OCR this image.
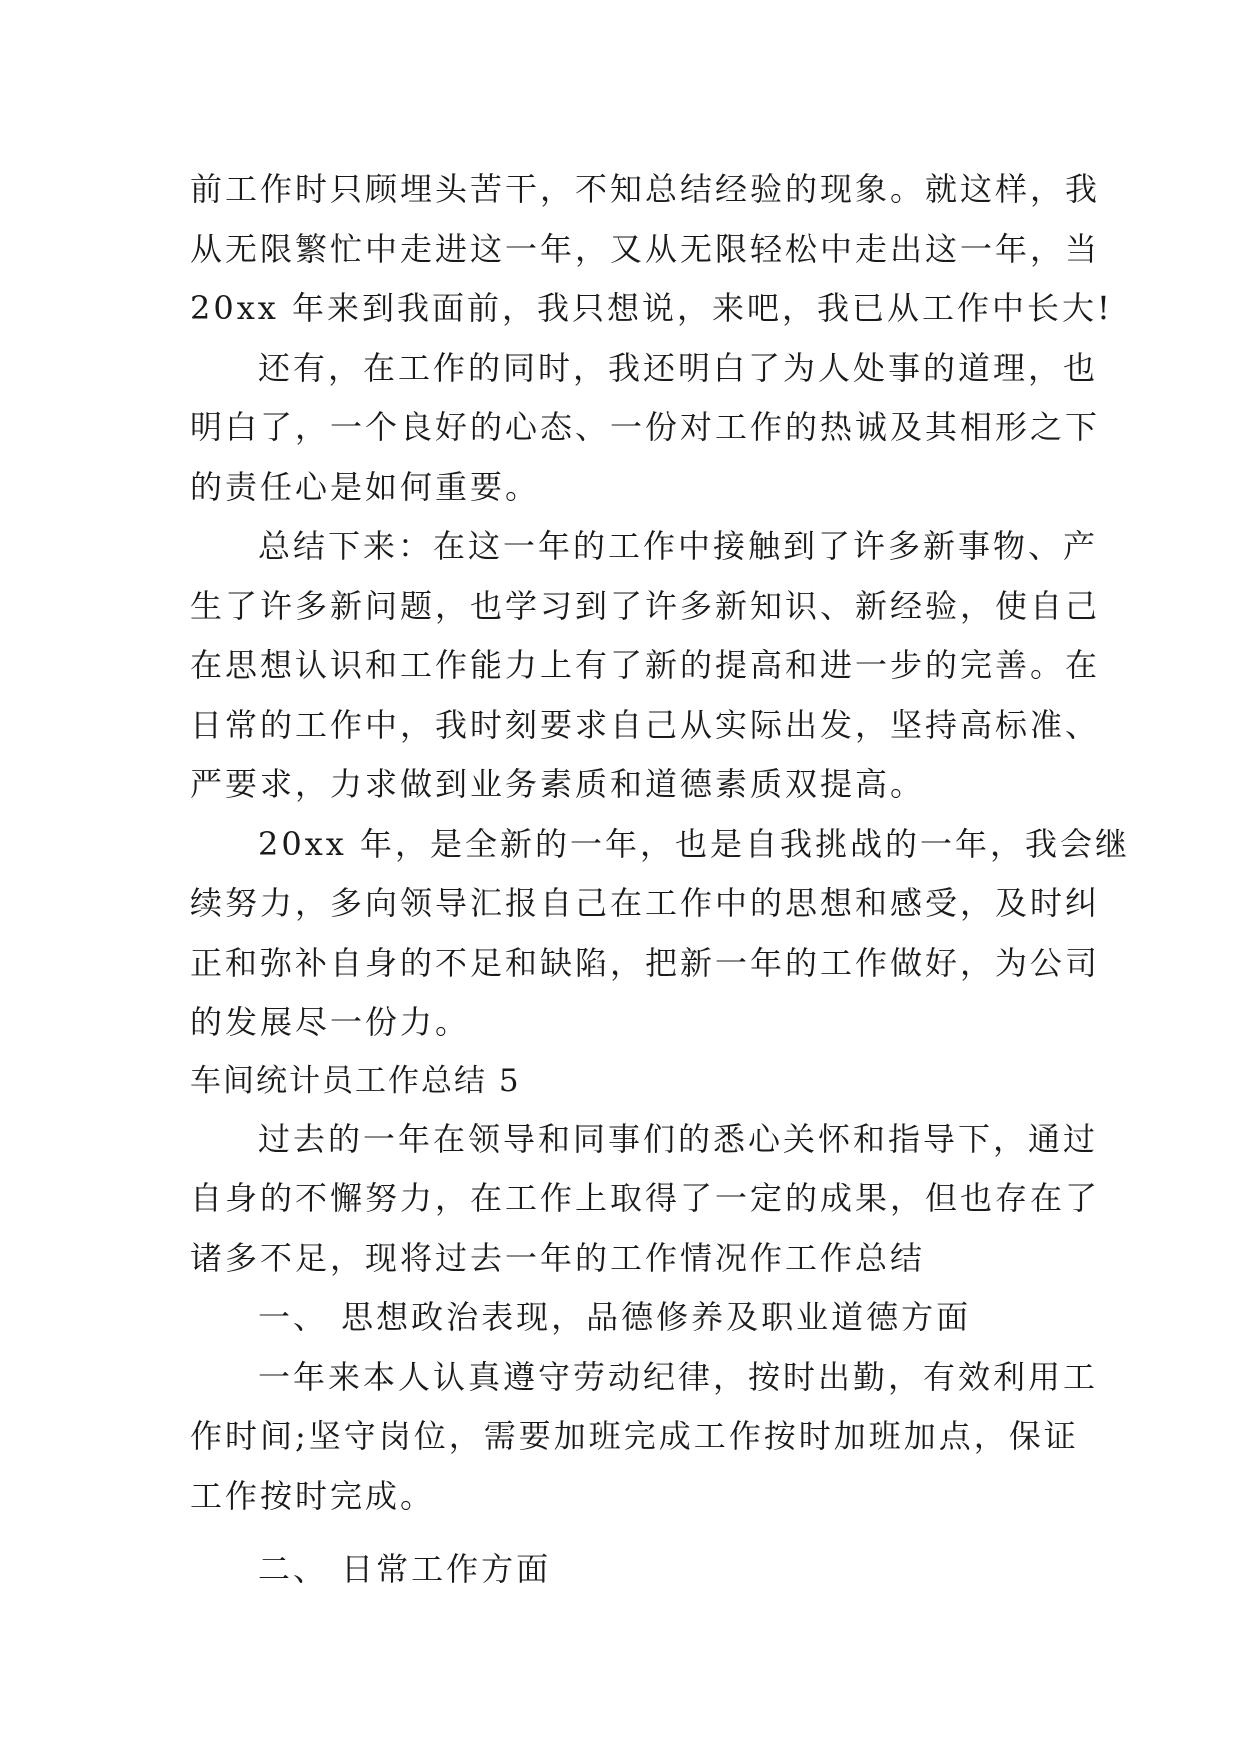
前工作时只顾埋头苦干，不知总结经验的现象。就这样，我
从无限繁忙中走进这一年，又从无限轻松中走出这一年，当
20xx 年来到我面前，我只想说，来吧，我已从工作中长大!
还有，在工作的同时，我还明白了为人处事的道理，也
明白了，一个良好的心态、一份对工作的热诚及其相形之下
的责任心是如何重要。
总结下来：在这一年的工作中接触到了许多新事物、产
生了许多新问题，也学习到了许多新知识、新经验，使自己
在思想认识和工作能力上有了新的提高和进一步的完善。在
日常的工作中，我时刻要求自己从实际出发，坚持高标准、
严要求，力求做到业务素质和道德素质双提高。
20xx 年，是全新的一年，也是自我挑战的一年，我会继
续努力，多向领导汇报自己在工作中的思想和感受，及时纠
正和弥补自身的不足和缺陷，把新一年的工作做好，为公司
的发展尽一份力。
车间统计员工作总结 5
过去的一年在领导和同事们的悉心关怀和指导下，通过
自身的不懈努力，在工作上取得了一定的成果，但也存在了
诸多不足，现将过去一年的工作情况作工作总结
一、 思想政治表现，品德修养及职业道德方面
一年来本人认真遵守劳动纪律，按时出勤，有效利用工
作时间;坚守岗位，需要加班完成工作按时加班加点，保证
工作按时完成。
二、 日常工作方面
